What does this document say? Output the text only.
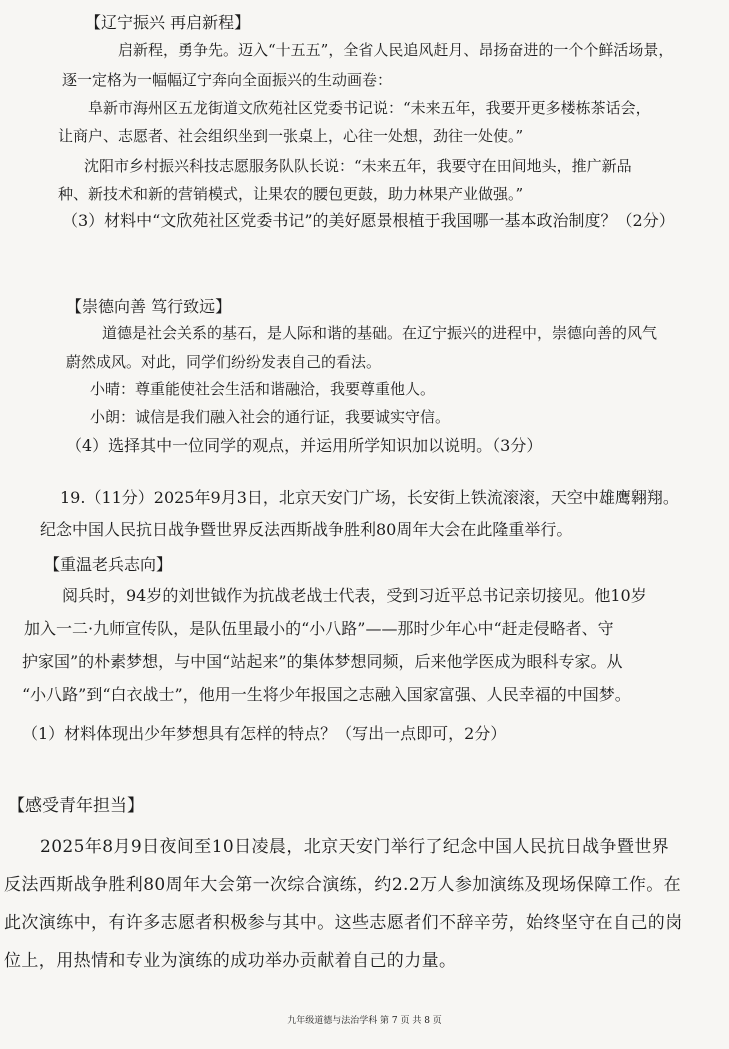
【辽宁振兴 再启新程】

启新程，勇争先。迈入“十五五”，全省人民追风赶月、昂扬奋进的一个个鲜活场景，

逐一定格为一幅幅辽宁奔向全面振兴的生动画卷：

阜新市海州区五龙街道文欣苑社区党委书记说：“未来五年，我要开更多楼栋茶话会，

让商户、志愿者、社会组织坐到一张桌上，心往一处想，劲往一处使。”

沈阳市乡村振兴科技志愿服务队队长说：“未来五年，我要守在田间地头，推广新品

种、新技术和新的营销模式，让果农的腰包更鼓，助力林果产业做强。”

（3）材料中“文欣苑社区党委书记”的美好愿景根植于我国哪一基本政治制度？（2分）

【崇德向善 笃行致远】

道德是社会关系的基石，是人际和谐的基础。在辽宁振兴的进程中，崇德向善的风气

蔚然成风。对此，同学们纷纷发表自己的看法。

小晴：尊重能使社会生活和谐融洽，我要尊重他人。

小朗：诚信是我们融入社会的通行证，我要诚实守信。

（4）选择其中一位同学的观点，并运用所学知识加以说明。（3分）

19.（11分）2025年9月3日，北京天安门广场，长安街上铁流滚滚，天空中雄鹰翱翔。

纪念中国人民抗日战争暨世界反法西斯战争胜利80周年大会在此隆重举行。

【重温老兵志向】

阅兵时，94岁的刘世钺作为抗战老战士代表，受到习近平总书记亲切接见。他10岁

加入一二·九师宣传队，是队伍里最小的“小八路”——那时少年心中“赶走侵略者、守

护家国”的朴素梦想，与中国“站起来”的集体梦想同频，后来他学医成为眼科专家。从

“小八路”到“白衣战士”，他用一生将少年报国之志融入国家富强、人民幸福的中国梦。

（1）材料体现出少年梦想具有怎样的特点？（写出一点即可，2分）

【感受青年担当】

2025年8月9日夜间至10日凌晨，北京天安门举行了纪念中国人民抗日战争暨世界

反法西斯战争胜利80周年大会第一次综合演练，约2.2万人参加演练及现场保障工作。在

此次演练中，有许多志愿者积极参与其中。这些志愿者们不辞辛劳，始终坚守在自己的岗

位上，用热情和专业为演练的成功举办贡献着自己的力量。

九年级道德与法治学科 第 7 页 共 8 页
